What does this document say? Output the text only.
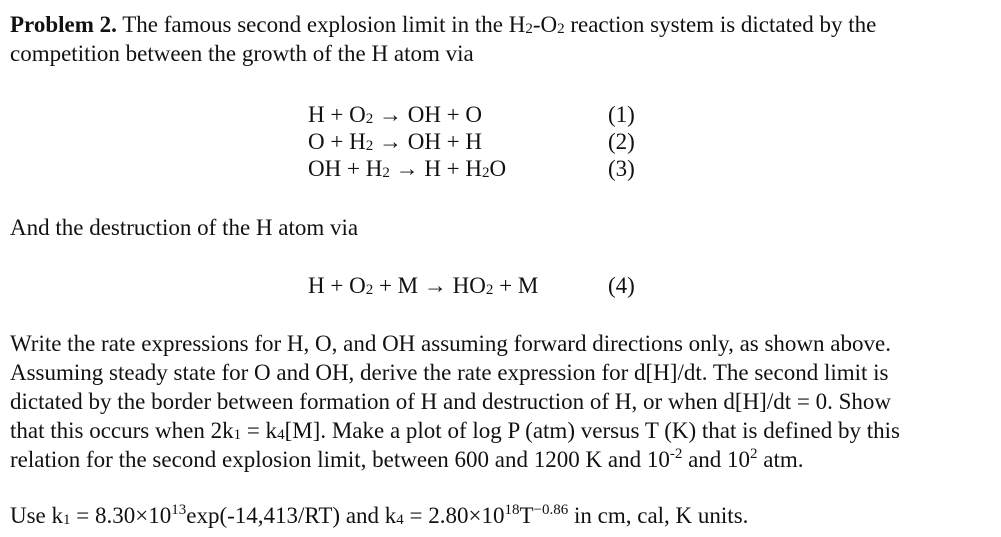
Problem 2. The famous second explosion limit in the $H_2-O_2$ reaction system is dictated by the
competition between the growth of the H atom via

$H + O_2$ → OH + O	(1)
$O + H_2$ → OH + H	(2)
OH + $H_2 \to H + H_2O$	(3)

And the destruction of the H atom via

$H + O_2 + M \to HO_2 + M$	(4)

Write the rate expressions for H, O, and OH assuming forward directions only, as shown above.
Assuming steady state for O and OH, derive the rate expression for d[H]/dt. The second limit is
dictated by the border between formation of H and destruction of H, or when d[H]/dt = 0. Show
that this occurs when $2k_1 = k_4[M]$. Make a plot of log P (atm) versus T (K) that is defined by this
relation for the second explosion limit, between 600 and 1200 K and $10^{-2}$ and $10^2$ atm.

Use $k_1 = 8.30\times 10^{13}\exp(-14,413/RT)$ and $k_4 = 2.80\times 10^{18}T^{-0.86}$ in cm, cal, K units.
